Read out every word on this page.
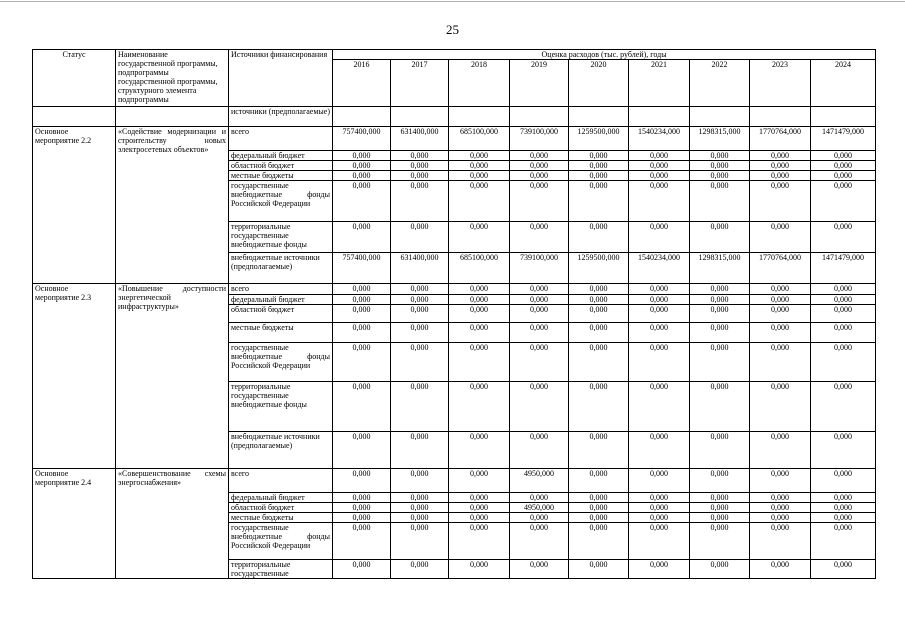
25
Статус	Наименование государственной программы, подпрограммы государственной программы, структурного элемента подпрограммы	Источники финансирования	Оценка расходов (тыс. рублей), годы								
			2016	2017	2018	2019	2020	2021	2022	2023	2024
		источники (предполагаемые)									
Основное мероприятие 2.2	«Содействие модернизации и строительству новых электросетевых объектов»	всего	757400,000	631400,000	685100,000	739100,000	1259500,000	1540234,000	1298315,000	1770764,000	1471479,000
		федеральный бюджет	0,000	0,000	0,000	0,000	0,000	0,000	0,000	0,000	0,000
		областной бюджет	0,000	0,000	0,000	0,000	0,000	0,000	0,000	0,000	0,000
		местные бюджеты	0,000	0,000	0,000	0,000	0,000	0,000	0,000	0,000	0,000
		государственные внебюджетные фонды Российской Федерации	0,000	0,000	0,000	0,000	0,000	0,000	0,000	0,000	0,000
		территориальные государственные внебюджетные фонды	0,000	0,000	0,000	0,000	0,000	0,000	0,000	0,000	0,000
		внебюджетные источники (предполагаемые)	757400,000	631400,000	685100,000	739100,000	1259500,000	1540234,000	1298315,000	1770764,000	1471479,000
Основное мероприятие 2.3	«Повышение доступности энергетической инфраструктуры»	всего	0,000	0,000	0,000	0,000	0,000	0,000	0,000	0,000	0,000
		федеральный бюджет	0,000	0,000	0,000	0,000	0,000	0,000	0,000	0,000	0,000
		областной бюджет	0,000	0,000	0,000	0,000	0,000	0,000	0,000	0,000	0,000
		местные бюджеты	0,000	0,000	0,000	0,000	0,000	0,000	0,000	0,000	0,000
		государственные внебюджетные фонды Российской Федерации	0,000	0,000	0,000	0,000	0,000	0,000	0,000	0,000	0,000
		территориальные государственные внебюджетные фонды	0,000	0,000	0,000	0,000	0,000	0,000	0,000	0,000	0,000
		внебюджетные источники (предполагаемые)	0,000	0,000	0,000	0,000	0,000	0,000	0,000	0,000	0,000
Основное мероприятие 2.4	«Совершенствование схемы энергоснабжения»	всего	0,000	0,000	0,000	4950,000	0,000	0,000	0,000	0,000	0,000
		федеральный бюджет	0,000	0,000	0,000	0,000	0,000	0,000	0,000	0,000	0,000
		областной бюджет	0,000	0,000	0,000	4950,000	0,000	0,000	0,000	0,000	0,000
		местные бюджеты	0,000	0,000	0,000	0,000	0,000	0,000	0,000	0,000	0,000
		государственные внебюджетные фонды Российской Федерации	0,000	0,000	0,000	0,000	0,000	0,000	0,000	0,000	0,000
		территориальные государственные	0,000	0,000	0,000	0,000	0,000	0,000	0,000	0,000	0,000
